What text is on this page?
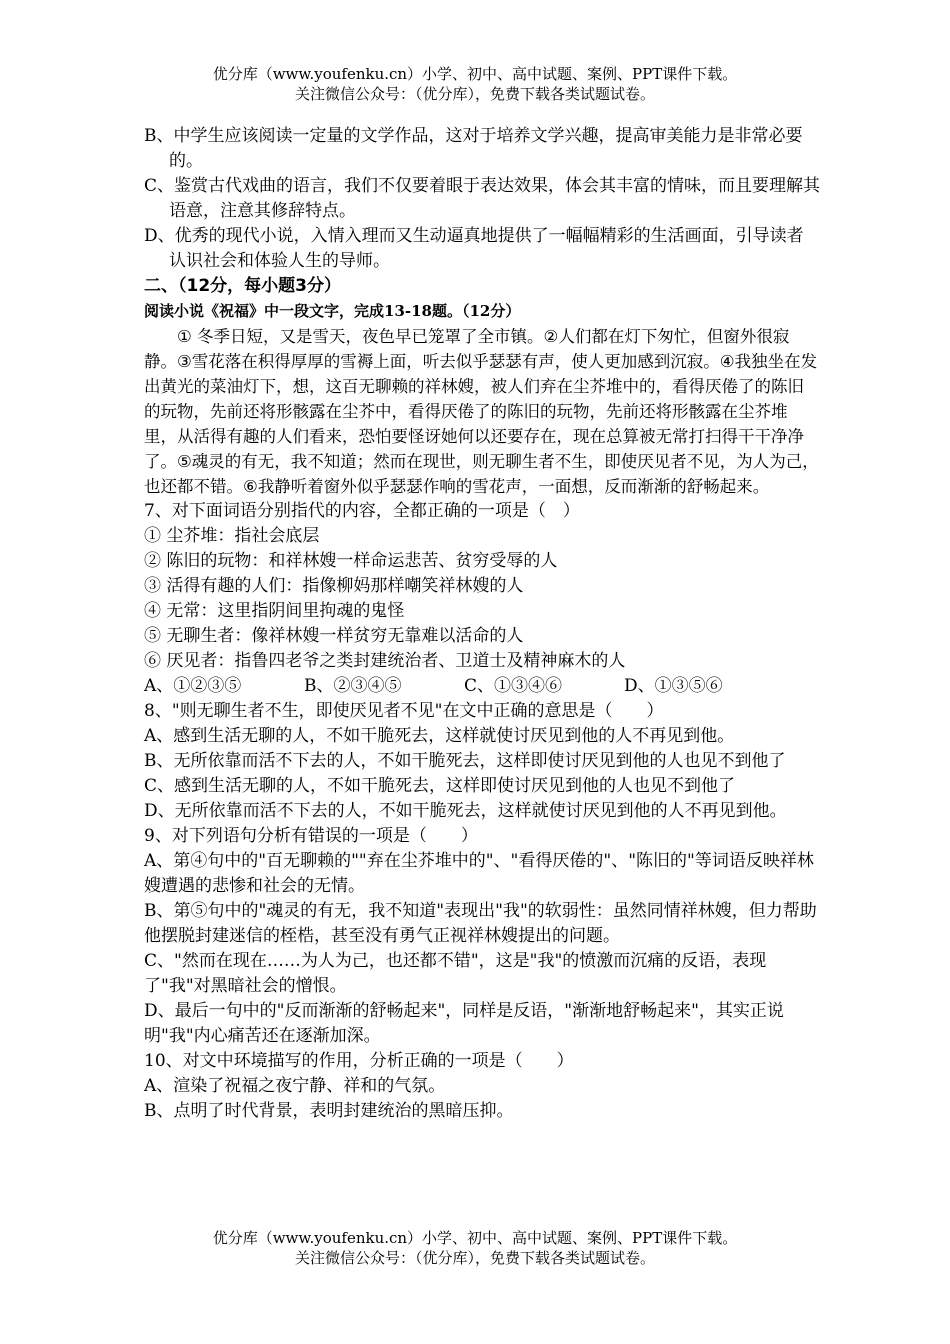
优分库（www.youfenku.cn）小学、初中、高中试题、案例、PPT课件下载。
关注微信公众号：（优分库），免费下载各类试题试卷。

B、中学生应该阅读一定量的文学作品，这对于培养文学兴趣，提高审美能力是非常必要的。

C、鉴赏古代戏曲的语言，我们不仅要着眼于表达效果，体会其丰富的情味，而且要理解其语意，注意其修辞特点。

D、优秀的现代小说，入情入理而又生动逼真地提供了一幅幅精彩的生活画面，引导读者认识社会和体验人生的导师。

二、（12分，每小题3分）

阅读小说《祝福》中一段文字，完成13-18题。（12分）

① 冬季日短，又是雪天，夜色早已笼罩了全市镇。②人们都在灯下匆忙，但窗外很寂静。③雪花落在积得厚厚的雪褥上面，听去似乎瑟瑟有声，使人更加感到沉寂。④我独坐在发出黄光的菜油灯下，想，这百无聊赖的祥林嫂，被人们弃在尘芥堆中的，看得厌倦了的陈旧的玩物，先前还将形骸露在尘芥中，看得厌倦了的陈旧的玩物，先前还将形骸露在尘芥堆里，从活得有趣的人们看来，恐怕要怪讶她何以还要存在，现在总算被无常打扫得干干净净了。⑤魂灵的有无，我不知道；然而在现世，则无聊生者不生，即使厌见者不见，为人为己，也还都不错。⑥我静听着窗外似乎瑟瑟作响的雪花声，一面想，反而渐渐的舒畅起来。

7、对下面词语分别指代的内容，全都正确的一项是（　）

① 尘芥堆：指社会底层

② 陈旧的玩物：和祥林嫂一样命运悲苦、贫穷受辱的人

③ 活得有趣的人们：指像柳妈那样嘲笑祥林嫂的人

④ 无常：这里指阴间里拘魂的鬼怪

⑤ 无聊生者：像祥林嫂一样贫穷无靠难以活命的人

⑥ 厌见者：指鲁四老爷之类封建统治者、卫道士及精神麻木的人

A、①②③⑤	B、②③④⑤	C、①③④⑥	D、①③⑤⑥

8、"则无聊生者不生，即使厌见者不见"在文中正确的意思是（　　）

A、感到生活无聊的人，不如干脆死去，这样就使讨厌见到他的人不再见到他。

B、无所依靠而活不下去的人，不如干脆死去，这样即使讨厌见到他的人也见不到他了

C、感到生活无聊的人，不如干脆死去，这样即使讨厌见到他的人也见不到他了

D、无所依靠而活不下去的人，不如干脆死去，这样就使讨厌见到他的人不再见到他。

9、对下列语句分析有错误的一项是（　　）

A、第④句中的"百无聊赖的""弃在尘芥堆中的"、"看得厌倦的"、"陈旧的"等词语反映祥林嫂遭遇的悲惨和社会的无情。

B、第⑤句中的"魂灵的有无，我不知道"表现出"我"的软弱性：虽然同情祥林嫂，但力帮助他摆脱封建迷信的桎梏，甚至没有勇气正视祥林嫂提出的问题。

C、"然而在现在……为人为己，也还都不错"，这是"我"的愤激而沉痛的反语，表现了"我"对黑暗社会的憎恨。

D、最后一句中的"反而渐渐的舒畅起来"，同样是反语，"渐渐地舒畅起来"，其实正说明"我"内心痛苦还在逐渐加深。

10、对文中环境描写的作用，分析正确的一项是（　　）

A、渲染了祝福之夜宁静、祥和的气氛。

B、点明了时代背景，表明封建统治的黑暗压抑。

优分库（www.youfenku.cn）小学、初中、高中试题、案例、PPT课件下载。
关注微信公众号：（优分库），免费下载各类试题试卷。
